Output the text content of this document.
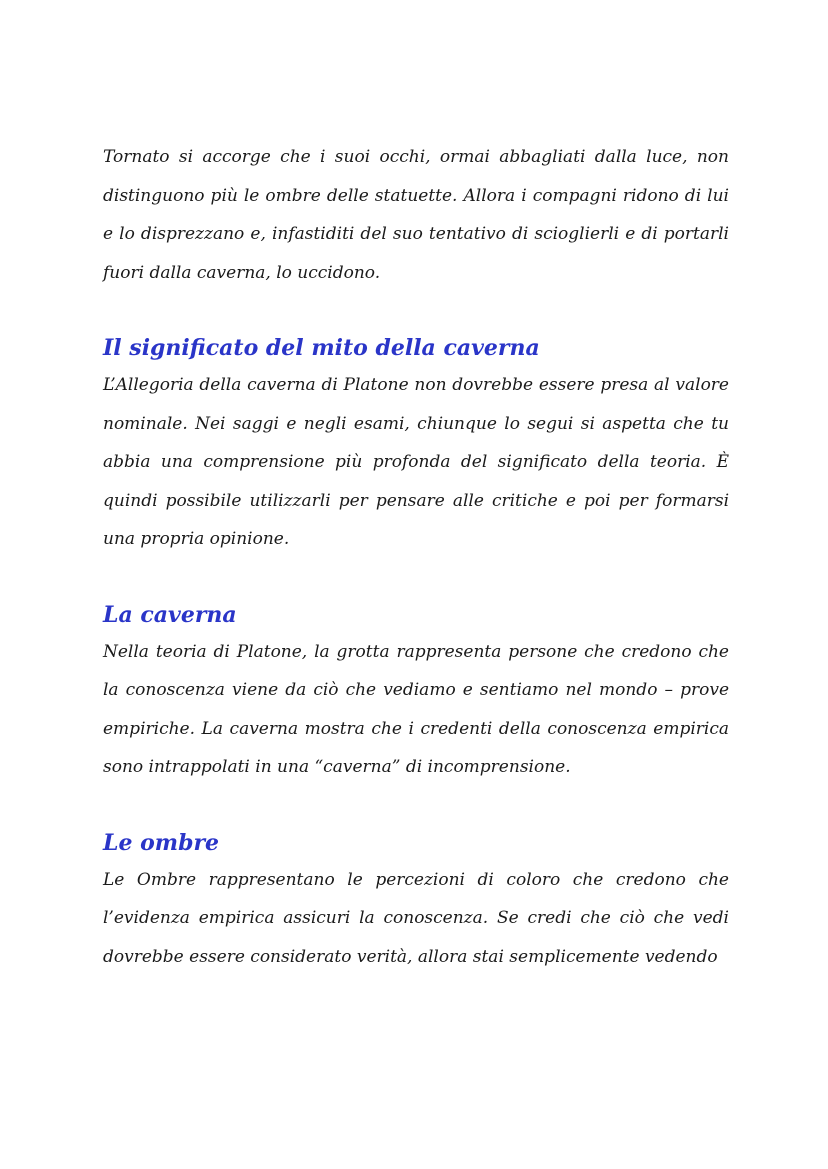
Tornato si accorge che i suoi occhi, ormai abbagliati dalla luce, non distinguono più le ombre delle statuette. Allora i compagni ridono di lui e lo disprezzano e, infastiditi del suo tentativo di scioglierli e di portarli fuori dalla caverna, lo uccidono.

Il significato del mito della caverna

L’Allegoria della caverna di Platone non dovrebbe essere presa al valore nominale. Nei saggi e negli esami, chiunque lo segui si aspetta che tu abbia una comprensione più profonda del significato della teoria. È quindi possibile utilizzarli per pensare alle critiche e poi per formarsi una propria opinione.

La caverna

Nella teoria di Platone, la grotta rappresenta persone che credono che la conoscenza viene da ciò che vediamo e sentiamo nel mondo – prove empiriche. La caverna mostra che i credenti della conoscenza empirica sono intrappolati in una “caverna” di incomprensione.

Le ombre

Le Ombre rappresentano le percezioni di coloro che credono che l’evidenza empirica assicuri la conoscenza. Se credi che ciò che vedi dovrebbe essere considerato verità, allora stai semplicemente vedendo
